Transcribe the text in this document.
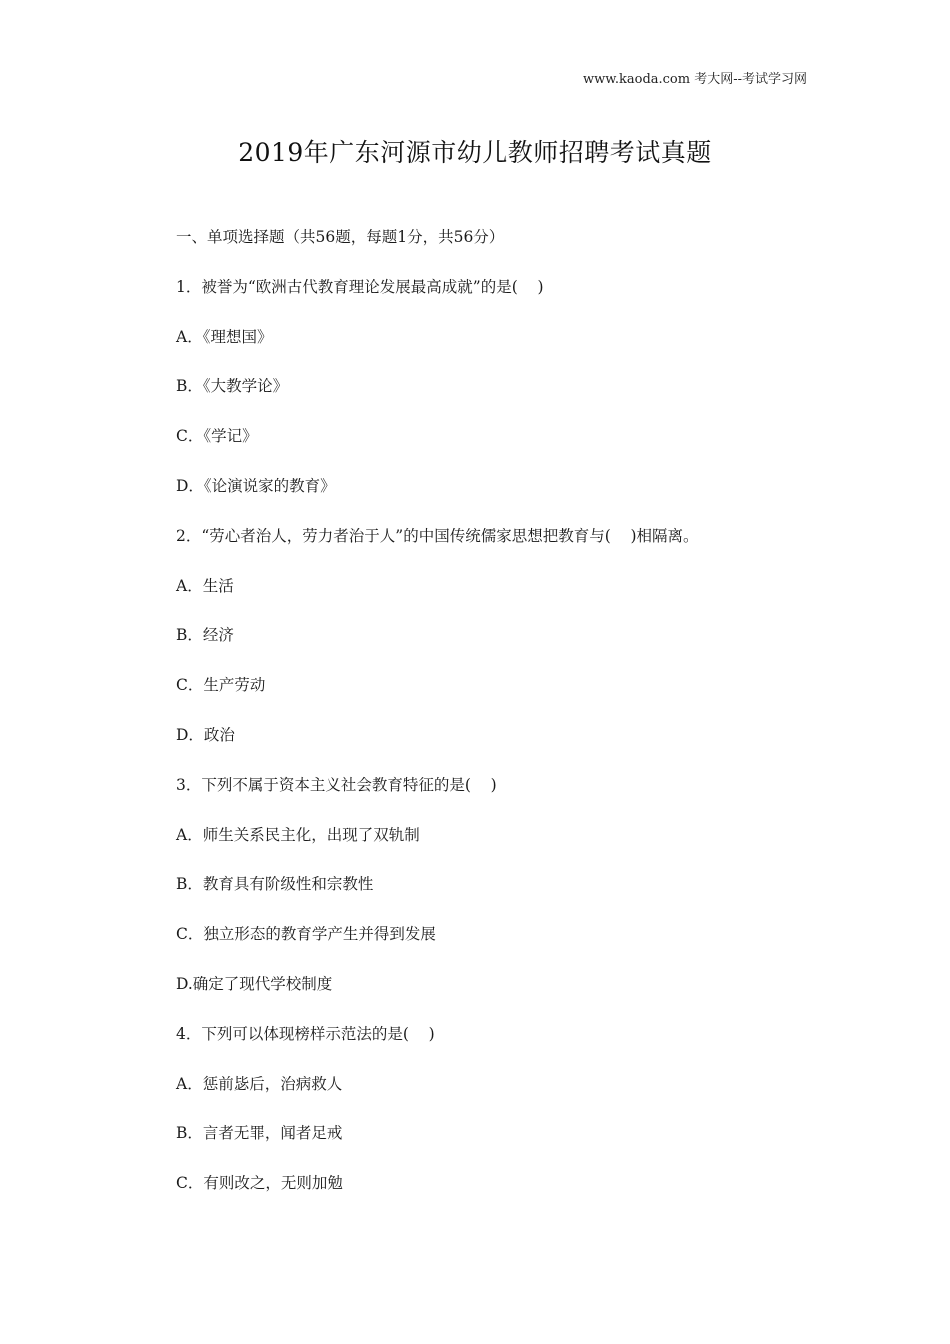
www.kaoda.com 考大网--考试学习网
2019年广东河源市幼儿教师招聘考试真题
一、单项选择题（共56题，每题1分，共56分）
1．被誉为“欧洲古代教育理论发展最高成就”的是(    )
A．《理想国》
B．《大教学论》
C．《学记》
D．《论演说家的教育》
2．“劳心者治人，劳力者治于人”的中国传统儒家思想把教育与(    )相隔离。
A．生活
B．经济
C．生产劳动
D．政治
3．下列不属于资本主义社会教育特征的是(    )
A．师生关系民主化，出现了双轨制
B．教育具有阶级性和宗教性
C．独立形态的教育学产生并得到发展
D.确定了现代学校制度
4．下列可以体现榜样示范法的是(    )
A．惩前毖后，治病救人
B．言者无罪，闻者足戒
C．有则改之，无则加勉
